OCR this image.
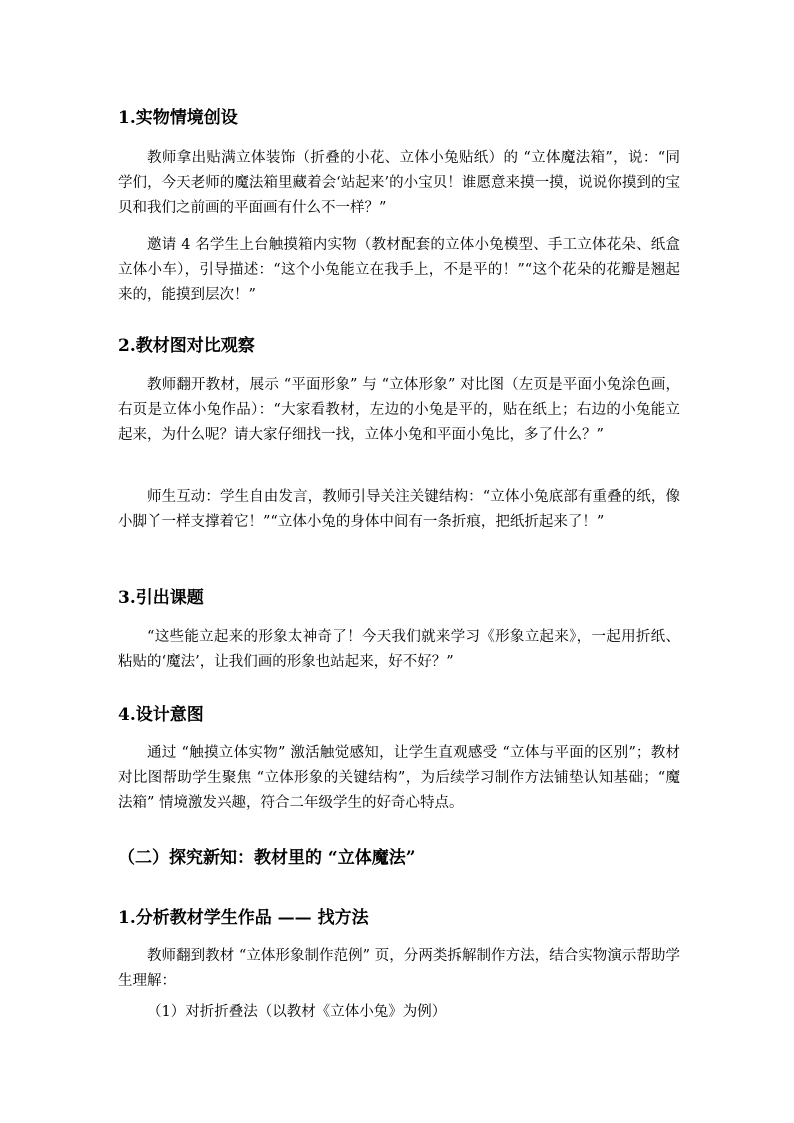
1.实物情境创设
教师拿出贴满立体装饰（折叠的小花、立体小兔贴纸）的 “立体魔法箱”，说：“同学们，今天老师的魔法箱里藏着会‘站起来’的小宝贝！谁愿意来摸一摸，说说你摸到的宝贝和我们之前画的平面画有什么不一样？”
邀请 4 名学生上台触摸箱内实物（教材配套的立体小兔模型、手工立体花朵、纸盒立体小车），引导描述：“这个小兔能立在我手上，不是平的！”“这个花朵的花瓣是翘起来的，能摸到层次！”
2.教材图对比观察
教师翻开教材，展示 “平面形象” 与 “立体形象” 对比图（左页是平面小兔涂色画，右页是立体小兔作品）：“大家看教材，左边的小兔是平的，贴在纸上；右边的小兔能立起来，为什么呢？请大家仔细找一找，立体小兔和平面小兔比，多了什么？”
师生互动：学生自由发言，教师引导关注关键结构：“立体小兔底部有重叠的纸，像小脚丫一样支撑着它！”“立体小兔的身体中间有一条折痕，把纸折起来了！”
3.引出课题
“这些能立起来的形象太神奇了！今天我们就来学习《形象立起来》，一起用折纸、粘贴的‘魔法’，让我们画的形象也站起来，好不好？”
4.设计意图
通过 “触摸立体实物” 激活触觉感知，让学生直观感受 “立体与平面的区别”；教材对比图帮助学生聚焦 “立体形象的关键结构”，为后续学习制作方法铺垫认知基础；“魔法箱” 情境激发兴趣，符合二年级学生的好奇心特点。
（二）探究新知：教材里的 “立体魔法”
1.分析教材学生作品 —— 找方法
教师翻到教材 “立体形象制作范例” 页，分两类拆解制作方法，结合实物演示帮助学生理解：
（1）对折折叠法（以教材《立体小兔》为例）
